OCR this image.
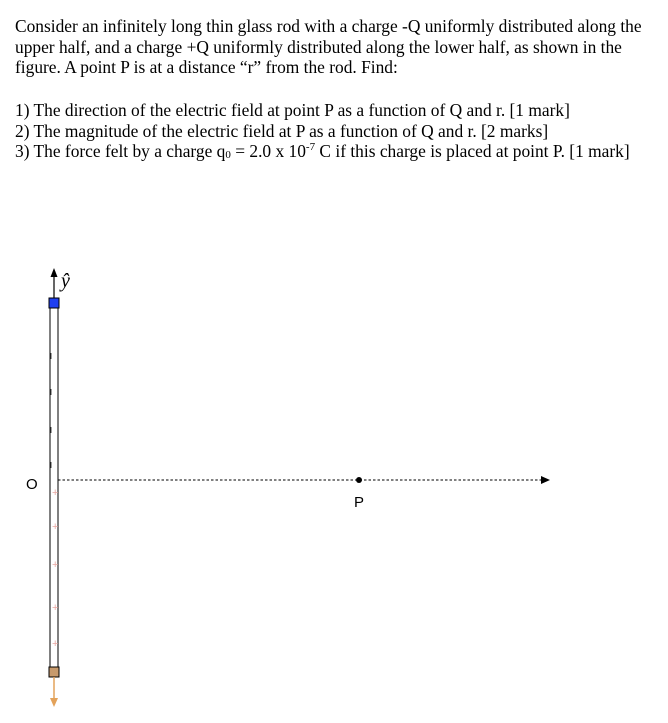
Consider an infinitely long thin glass rod with a charge -Q uniformly distributed along the upper half, and a charge +Q uniformly distributed along the lower half, as shown in the figure. A point P is at a distance “r” from the rod. Find:

1) The direction of the electric field at point P as a function of Q and r. [1 mark]
2) The magnitude of the electric field at P as a function of Q and r. [2 marks]
3) The force felt by a charge $q_0 = 2.0$ x $10^{-7}$ C if this charge is placed at point P. [1 mark]
ŷ
+
+
+
+
+
O
P
